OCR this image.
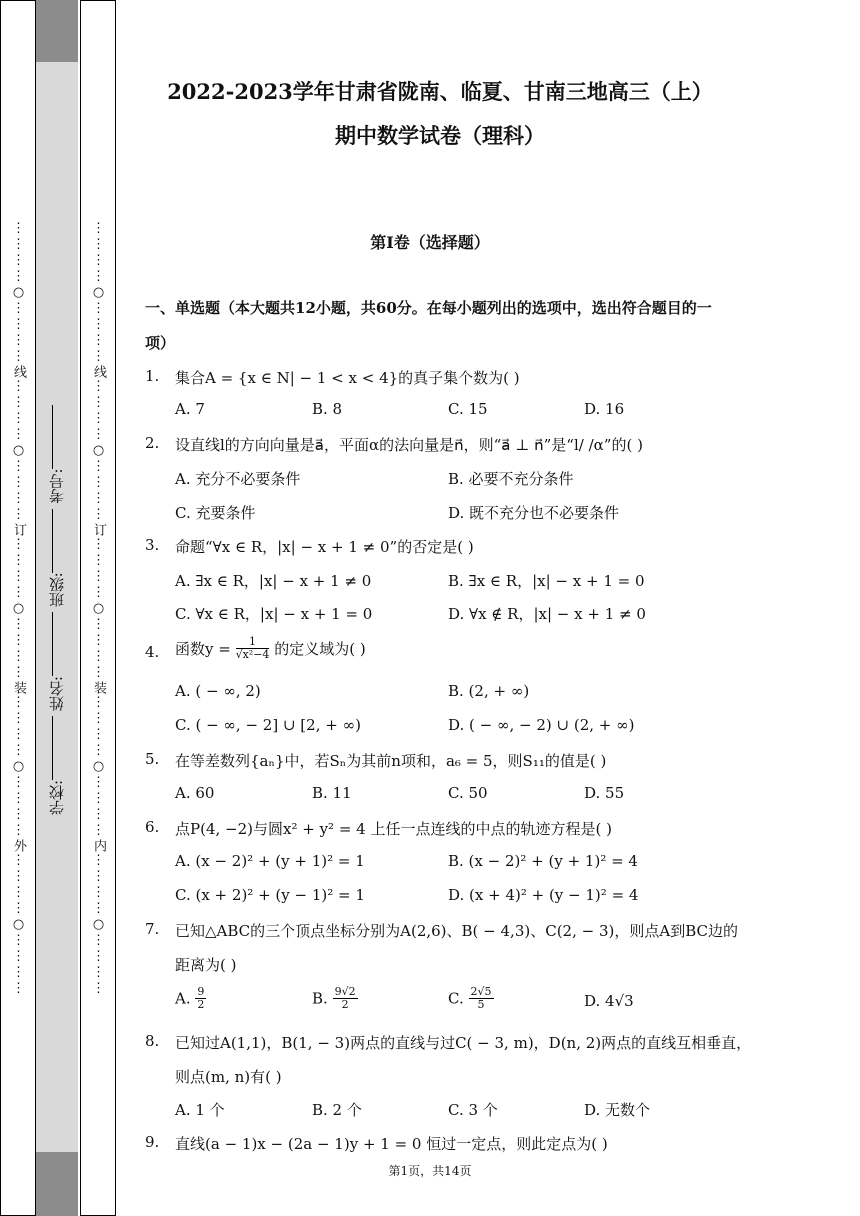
⋮⋮⋮⋮○⋮⋮⋮⋮线⋮⋮⋮⋮○⋮⋮⋮⋮订⋮⋮⋮⋮○⋮⋮⋮⋮装⋮⋮⋮⋮○⋮⋮⋮⋮外⋮⋮⋮⋮○⋮⋮⋮⋮	学校: 姓名: 班级: 考号:	⋮⋮⋮⋮○⋮⋮⋮⋮线⋮⋮⋮⋮○⋮⋮⋮⋮订⋮⋮⋮⋮○⋮⋮⋮⋮装⋮⋮⋮⋮○⋮⋮⋮⋮内⋮⋮⋮⋮○⋮⋮⋮⋮
2022-2023学年甘肃省陇南、临夏、甘南三地高三（上）
期中数学试卷（理科）
第I卷（选择题）
一、单选题（本大题共12小题，共60分。在每小题列出的选项中，选出符合题目的一
项）
1. 集合A = {x ∈ N| − 1 < x < 4}的真子集个数为( )
A. 7	B. 8	C. 15	D. 16
2. 设直线l的方向向量是a⃗，平面α的法向量是n⃗，则“a⃗ ⊥ n⃗”是“l/ /α”的( )
A. 充分不必要条件	B. 必要不充分条件
C. 充要条件	D. 既不充分也不必要条件
3. 命题“∀x ∈ R，|x| − x + 1 ≠ 0”的否定是( )
A. ∃x ∈ R，|x| − x + 1 ≠ 0	B. ∃x ∈ R，|x| − x + 1 = 0
C. ∀x ∈ R，|x| − x + 1 = 0	D. ∀x ∉ R，|x| − x + 1 ≠ 0
4. 函数$y = \frac{1}{\text{√x²−4}}$ 的定义域为( )
A. ( − ∞, 2)	B. (2, + ∞)
C. ( − ∞, − 2] ∪ [2, + ∞)	D. ( − ∞, − 2) ∪ (2, + ∞)
5. 在等差数列{aₙ}中，若Sₙ为其前n项和，a₆ = 5，则S₁₁的值是( )
A. 60	B. 11	C. 50	D. 55
6. 点P(4, −2)与圆x² + y² = 4 上任一点连线的中点的轨迹方程是( )
A. (x − 2)² + (y + 1)² = 1	B. (x − 2)² + (y + 1)² = 4
C. (x + 2)² + (y − 1)² = 1	D. (x + 4)² + (y − 1)² = 4
7. 已知△ABC的三个顶点坐标分别为A(2,6)、B( − 4,3)、C(2, − 3)，则点A到BC边的
距离为( )
A. $\frac{9}{2}$	B. $\frac{9√2}{2}$	C. $\frac{2√5}{5}$	D. 4√3
8. 已知过A(1,1)，B(1, − 3)两点的直线与过C( − 3, m)，D(n, 2)两点的直线互相垂直，
则点(m, n)有( )
A. 1 个	B. 2 个	C. 3 个	D. 无数个
9. 直线(a − 1)x − (2a − 1)y + 1 = 0 恒过一定点，则此定点为( )
第1页，共14页
